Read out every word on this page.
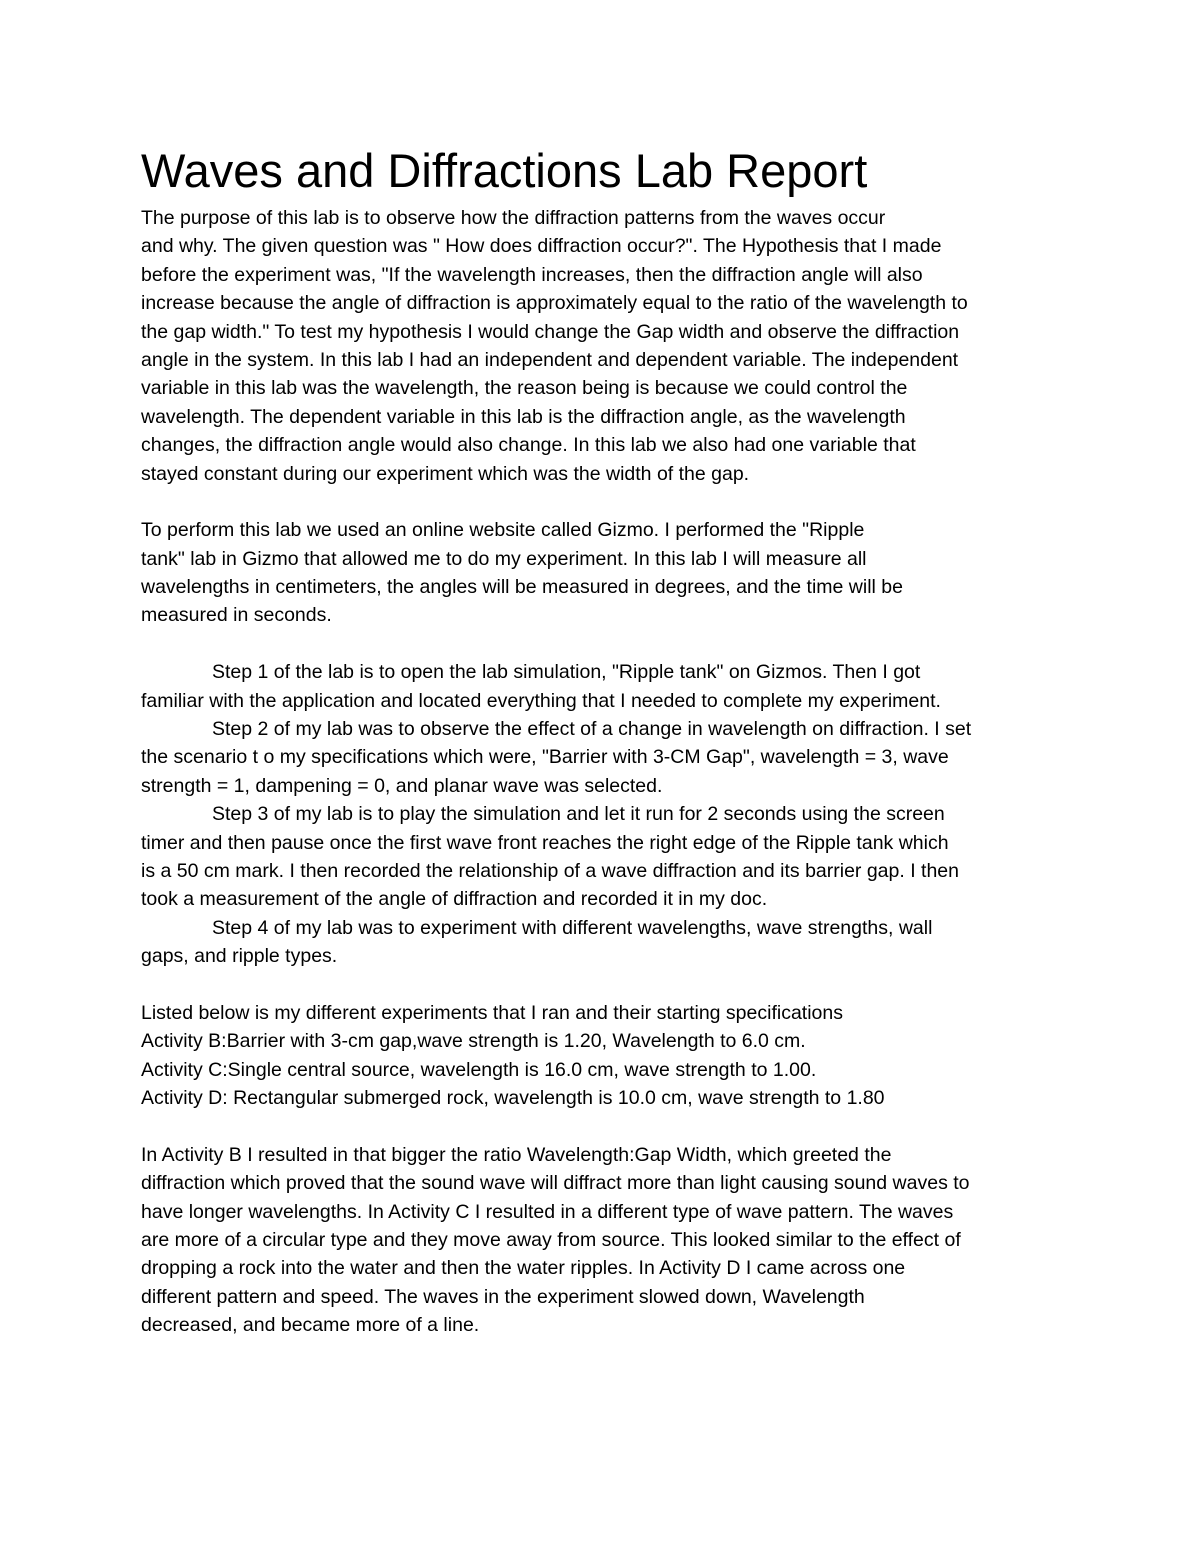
Waves and Diffractions Lab Report

The purpose of this lab is to observe how the diffraction patterns from the waves occur

and why. The given question was " How does diffraction occur?". The Hypothesis that I made

before the experiment was, "If the wavelength increases, then the diffraction angle will also

increase because the angle of diffraction is approximately equal to the ratio of the wavelength to

the gap width." To test my hypothesis I would change the Gap width and observe the diffraction

angle in the system. In this lab I had an independent and dependent variable. The independent

variable in this lab was the wavelength, the reason being is because we could control the

wavelength. The dependent variable in this lab is the diffraction angle, as the wavelength

changes, the diffraction angle would also change. In this lab we also had one variable that

stayed constant during our experiment which was the width of the gap.

To perform this lab we used an online website called Gizmo. I performed the "Ripple

tank" lab in Gizmo that allowed me to do my experiment. In this lab I will measure all

wavelengths in centimeters, the angles will be measured in degrees, and the time will be

measured in seconds.

Step 1 of the lab is to open the lab simulation, "Ripple tank" on Gizmos. Then I got

familiar with the application and located everything that I needed to complete my experiment.

Step 2 of my lab was to observe the effect of a change in wavelength on diffraction. I set

the scenario t o my specifications which were, "Barrier with 3-CM Gap", wavelength = 3, wave

strength = 1, dampening = 0, and planar wave was selected.

Step 3 of my lab is to play the simulation and let it run for 2 seconds using the screen

timer and then pause once the first wave front reaches the right edge of the Ripple tank which

is a 50 cm mark. I then recorded the relationship of a wave diffraction and its barrier gap. I then

took a measurement of the angle of diffraction and recorded it in my doc.

Step 4 of my lab was to experiment with different wavelengths, wave strengths, wall

gaps, and ripple types.

Listed below is my different experiments that I ran and their starting specifications

Activity B:Barrier with 3-cm gap,wave strength is 1.20, Wavelength to 6.0 cm.

Activity C:Single central source, wavelength is 16.0 cm, wave strength to 1.00.

Activity D: Rectangular submerged rock, wavelength is 10.0 cm, wave strength to 1.80

In Activity B I resulted in that bigger the ratio Wavelength:Gap Width, which greeted the

diffraction which proved that the sound wave will diffract more than light causing sound waves to

have longer wavelengths. In Activity C I resulted in a different type of wave pattern. The waves

are more of a circular type and they move away from source. This looked similar to the effect of

dropping a rock into the water and then the water ripples. In Activity D I came across one

different pattern and speed. The waves in the experiment slowed down, Wavelength

decreased, and became more of a line.
